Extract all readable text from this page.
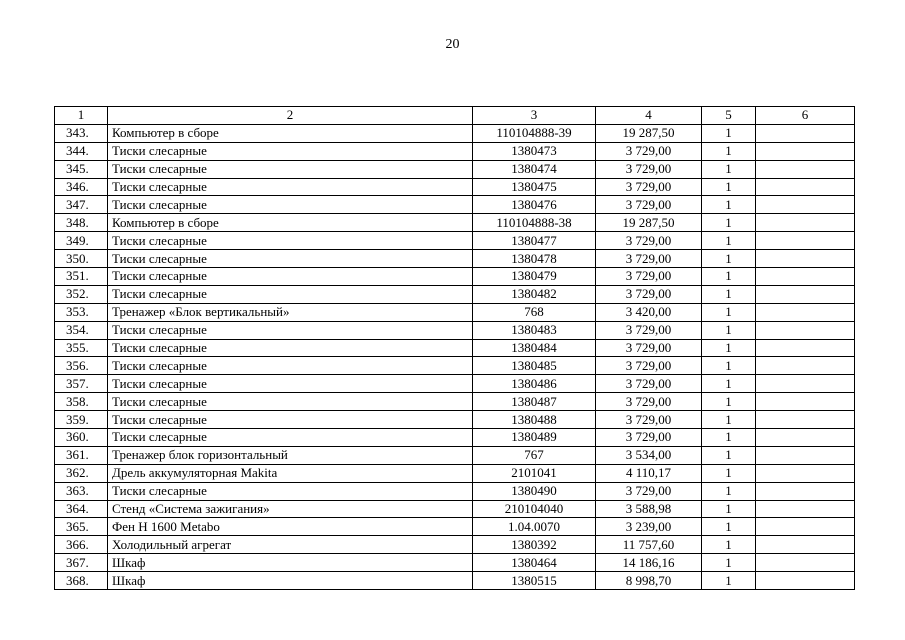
20
1	2	3	4	5	6
343.	Компьютер в сборе	110104888-39	19 287,50	1	
344.	Тиски слесарные	1380473	3 729,00	1	
345.	Тиски слесарные	1380474	3 729,00	1	
346.	Тиски слесарные	1380475	3 729,00	1	
347.	Тиски слесарные	1380476	3 729,00	1	
348.	Компьютер в сборе	110104888-38	19 287,50	1	
349.	Тиски слесарные	1380477	3 729,00	1	
350.	Тиски слесарные	1380478	3 729,00	1	
351.	Тиски слесарные	1380479	3 729,00	1	
352.	Тиски слесарные	1380482	3 729,00	1	
353.	Тренажер «Блок вертикальный»	768	3 420,00	1	
354.	Тиски слесарные	1380483	3 729,00	1	
355.	Тиски слесарные	1380484	3 729,00	1	
356.	Тиски слесарные	1380485	3 729,00	1	
357.	Тиски слесарные	1380486	3 729,00	1	
358.	Тиски слесарные	1380487	3 729,00	1	
359.	Тиски слесарные	1380488	3 729,00	1	
360.	Тиски слесарные	1380489	3 729,00	1	
361.	Тренажер блок горизонтальный	767	3 534,00	1	
362.	Дрель аккумуляторная Makita	2101041	4 110,17	1	
363.	Тиски слесарные	1380490	3 729,00	1	
364.	Стенд «Система зажигания»	210104040	3 588,98	1	
365.	Фен H 1600 Metabo	1.04.0070	3 239,00	1	
366.	Холодильный агрегат	1380392	11 757,60	1	
367.	Шкаф	1380464	14 186,16	1	
368.	Шкаф	1380515	8 998,70	1	
